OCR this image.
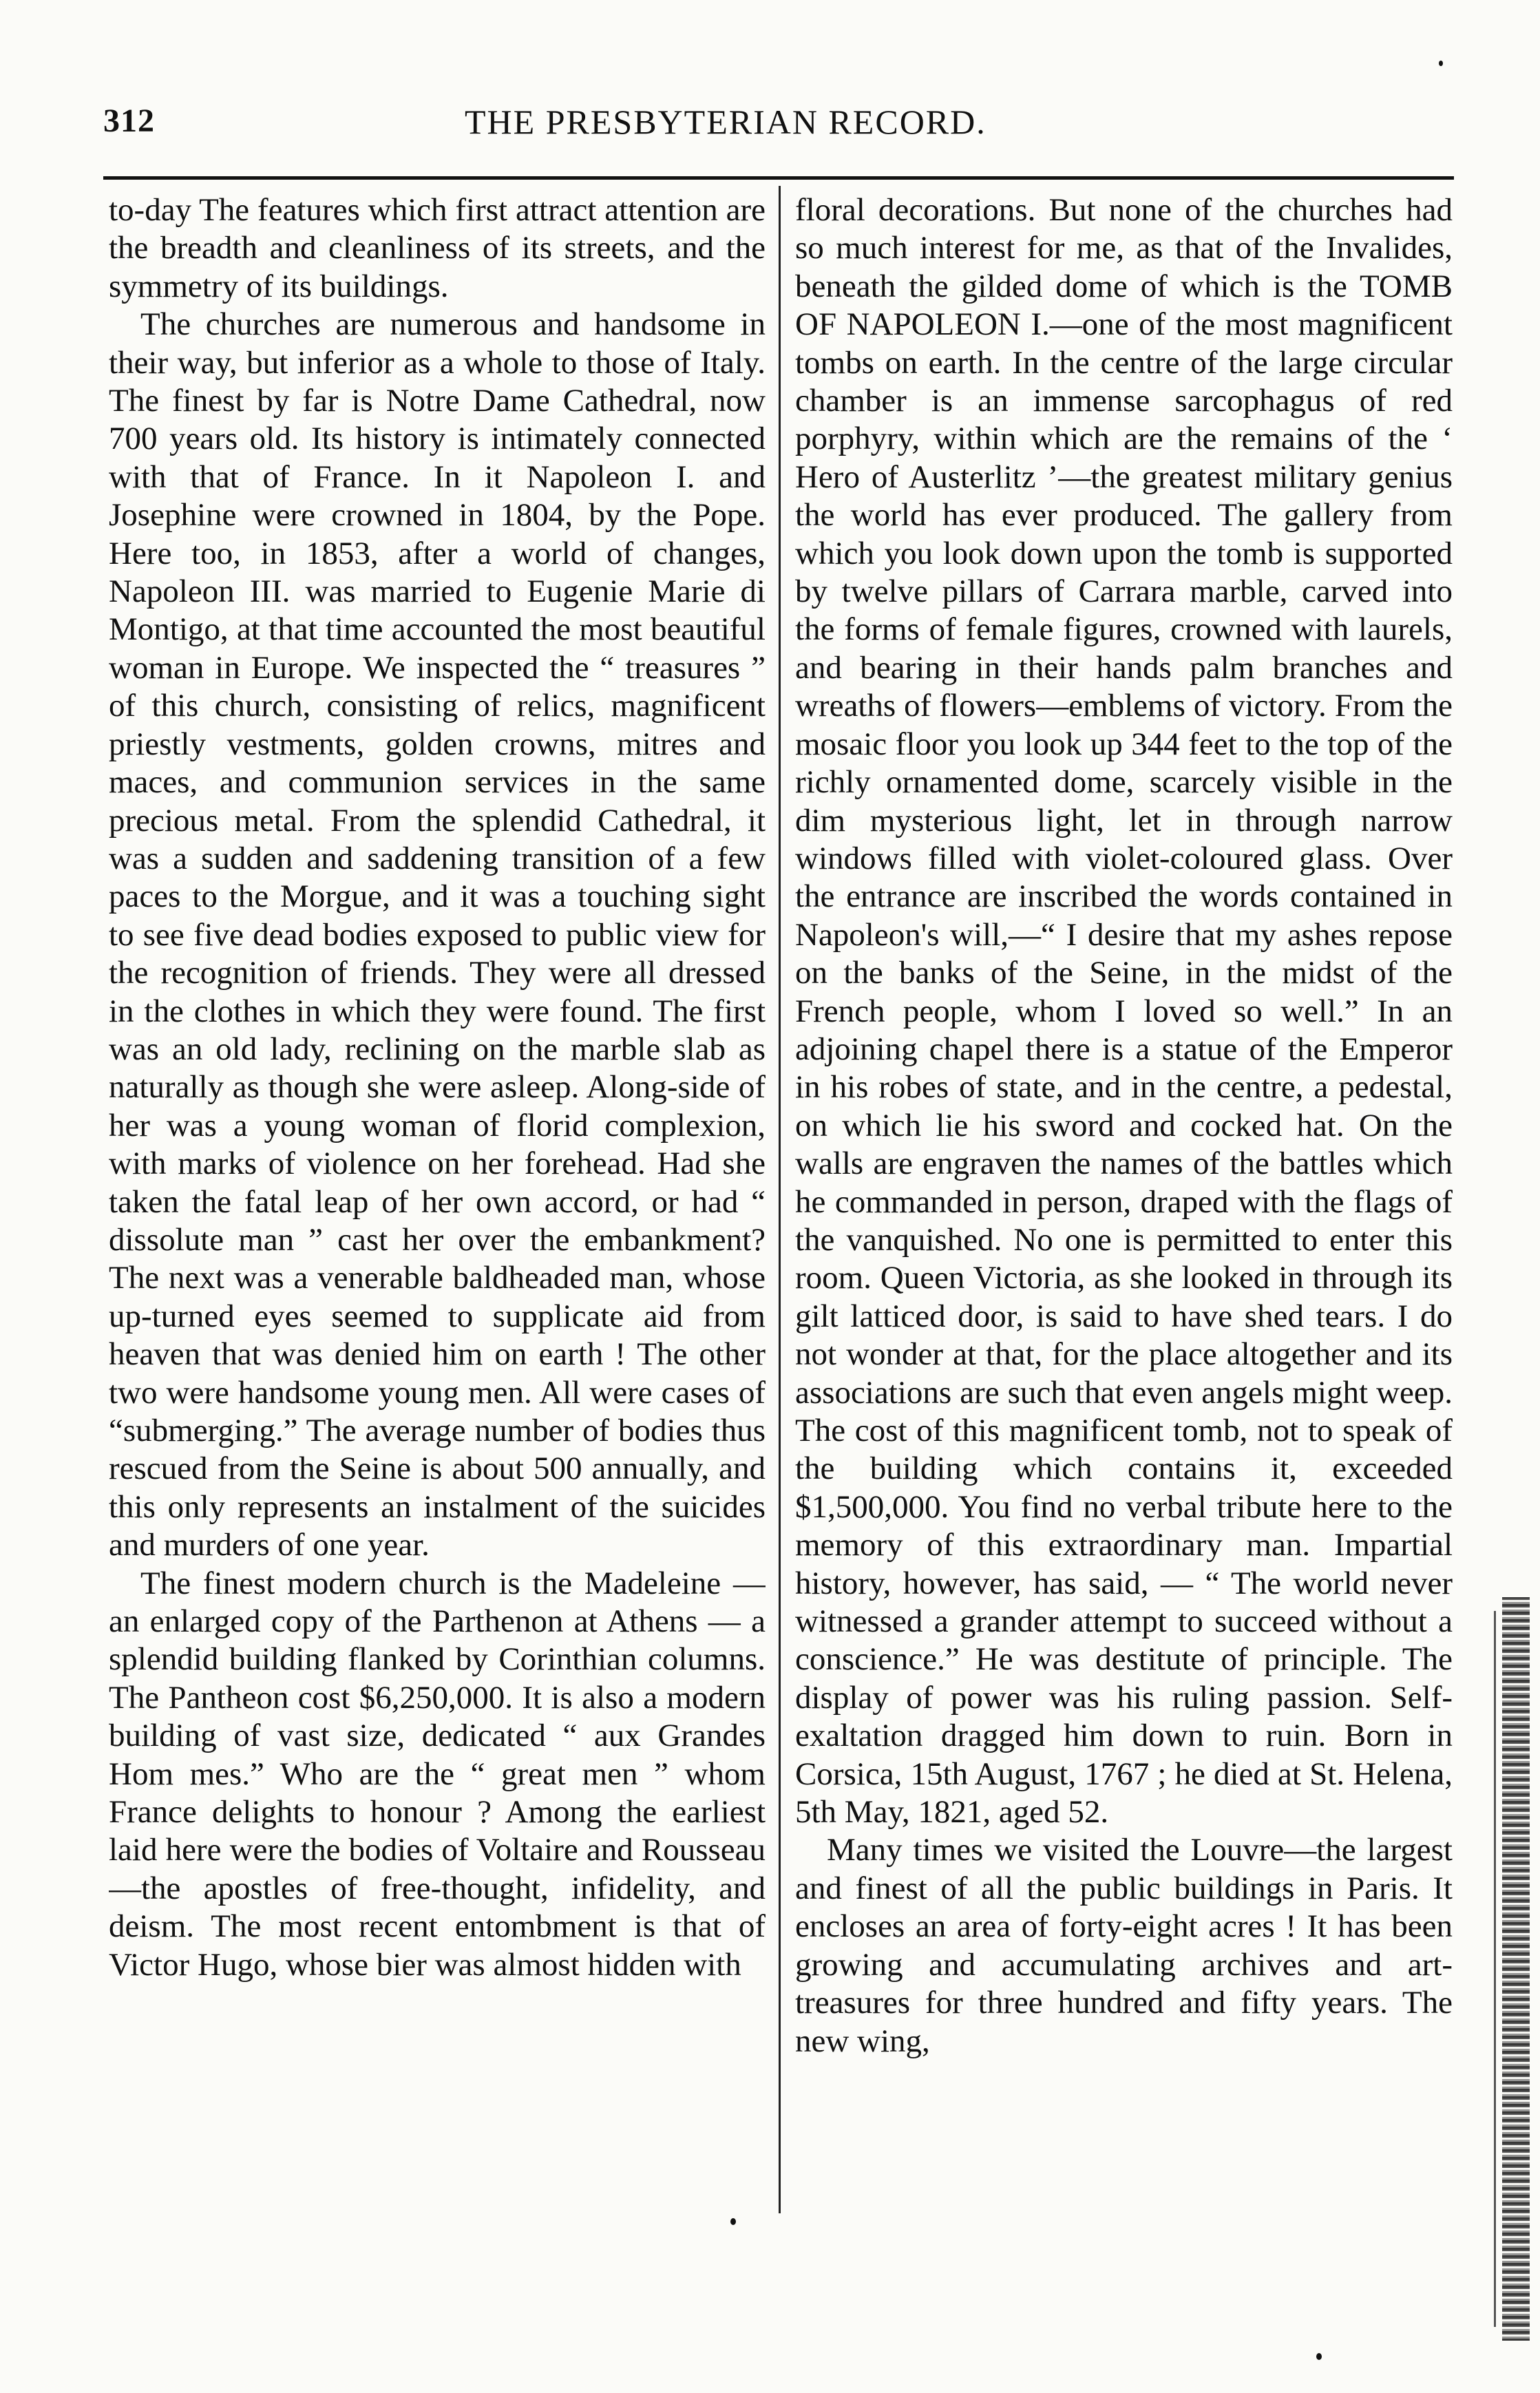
312	THE PRESBYTERIAN RECORD.

to-day The features which first attract attention are the breadth and cleanliness of its streets, and the symmetry of its buildings.

The churches are numerous and handsome in their way, but inferior as a whole to those of Italy. The finest by far is Notre Dame Cathedral, now 700 years old. Its history is intimately connected with that of France. In it Napoleon I. and Josephine were crowned in 1804, by the Pope. Here too, in 1853, after a world of changes, Napoleon III. was married to Eugenie Marie di Montigo, at that time accounted the most beautiful woman in Europe. We inspected the “ treasures ” of this church, consisting of relics, magnificent priestly vestments, golden crowns, mitres and maces, and communion services in the same precious metal. From the splendid Cathedral, it was a sudden and saddening transition of a few paces to the Morgue, and it was a touching sight to see five dead bodies exposed to public view for the recognition of friends. They were all dressed in the clothes in which they were found. The first was an old lady, reclining on the marble slab as naturally as though she were asleep. Along-side of her was a young woman of florid complexion, with marks of violence on her forehead. Had she taken the fatal leap of her own accord, or had “ dissolute man ” cast her over the embankment? The next was a venerable baldheaded man, whose up-turned eyes seemed to supplicate aid from heaven that was denied him on earth ! The other two were handsome young men. All were cases of “submerging.” The average number of bodies thus rescued from the Seine is about 500 annually, and this only represents an instalment of the suicides and murders of one year.

The finest modern church is the Madeleine —an enlarged copy of the Parthenon at Athens — a splendid building flanked by Corinthian columns. The Pantheon cost $6,250,000. It is also a modern building of vast size, dedicated “ aux Grandes Hom mes.” Who are the “ great men ” whom France delights to honour ? Among the earliest laid here were the bodies of Voltaire and Rousseau —the apostles of free-thought, infidelity, and deism. The most recent entombment is that of Victor Hugo, whose bier was almost hidden with

floral decorations. But none of the churches had so much interest for me, as that of the Invalides, beneath the gilded dome of which is the TOMB OF NAPOLEON I.—one of the most magnificent tombs on earth. In the centre of the large circular chamber is an immense sarcophagus of red porphyry, within which are the remains of the ‘ Hero of Austerlitz ’—the greatest military genius the world has ever produced. The gallery from which you look down upon the tomb is supported by twelve pillars of Carrara marble, carved into the forms of female figures, crowned with laurels, and bearing in their hands palm branches and wreaths of flowers—emblems of victory. From the mosaic floor you look up 344 feet to the top of the richly ornamented dome, scarcely visible in the dim mysterious light, let in through narrow windows filled with violet-coloured glass. Over the entrance are inscribed the words contained in Napoleon's will,—“ I desire that my ashes repose on the banks of the Seine, in the midst of the French people, whom I loved so well.” In an adjoining chapel there is a statue of the Emperor in his robes of state, and in the centre, a pedestal, on which lie his sword and cocked hat. On the walls are engraven the names of the battles which he commanded in person, draped with the flags of the vanquished. No one is permitted to enter this room. Queen Victoria, as she looked in through its gilt latticed door, is said to have shed tears. I do not wonder at that, for the place altogether and its associations are such that even angels might weep. The cost of this magnificent tomb, not to speak of the building which contains it, exceeded $1,500,000. You find no verbal tribute here to the memory of this extraordinary man. Impartial history, however, has said, — “ The world never witnessed a grander attempt to succeed without a conscience.” He was destitute of principle. The display of power was his ruling passion. Self-exaltation dragged him down to ruin. Born in Corsica, 15th August, 1767 ; he died at St. Helena, 5th May, 1821, aged 52.

Many times we visited the Louvre—the largest and finest of all the public buildings in Paris. It encloses an area of forty-eight acres ! It has been growing and accumulating archives and art-treasures for three hundred and fifty years. The new wing,
